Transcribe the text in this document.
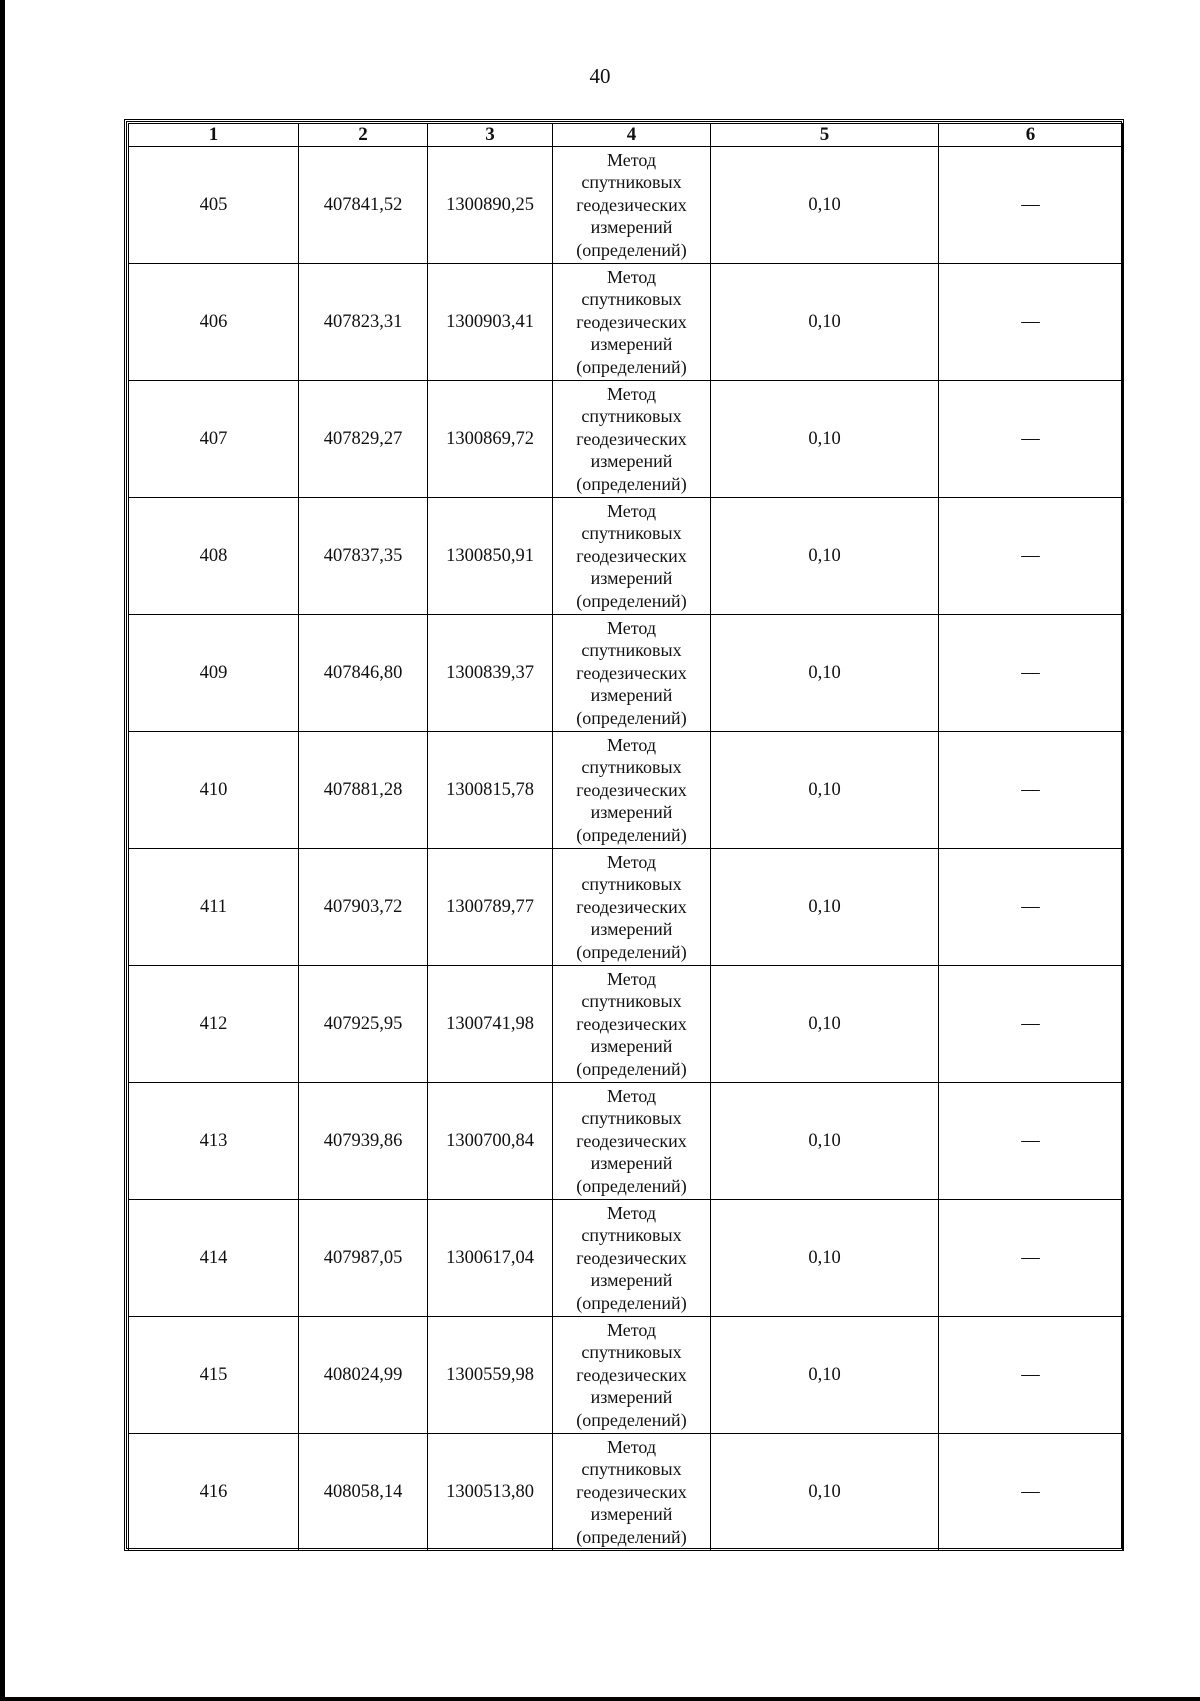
40
1	2	3	4	5	6
405	407841,52	1300890,25	Метод
спутниковых
геодезических
измерений
(определений)	0,10	—
406	407823,31	1300903,41	Метод
спутниковых
геодезических
измерений
(определений)	0,10	—
407	407829,27	1300869,72	Метод
спутниковых
геодезических
измерений
(определений)	0,10	—
408	407837,35	1300850,91	Метод
спутниковых
геодезических
измерений
(определений)	0,10	—
409	407846,80	1300839,37	Метод
спутниковых
геодезических
измерений
(определений)	0,10	—
410	407881,28	1300815,78	Метод
спутниковых
геодезических
измерений
(определений)	0,10	—
411	407903,72	1300789,77	Метод
спутниковых
геодезических
измерений
(определений)	0,10	—
412	407925,95	1300741,98	Метод
спутниковых
геодезических
измерений
(определений)	0,10	—
413	407939,86	1300700,84	Метод
спутниковых
геодезических
измерений
(определений)	0,10	—
414	407987,05	1300617,04	Метод
спутниковых
геодезических
измерений
(определений)	0,10	—
415	408024,99	1300559,98	Метод
спутниковых
геодезических
измерений
(определений)	0,10	—
416	408058,14	1300513,80	Метод
спутниковых
геодезических
измерений
(определений)	0,10	—
